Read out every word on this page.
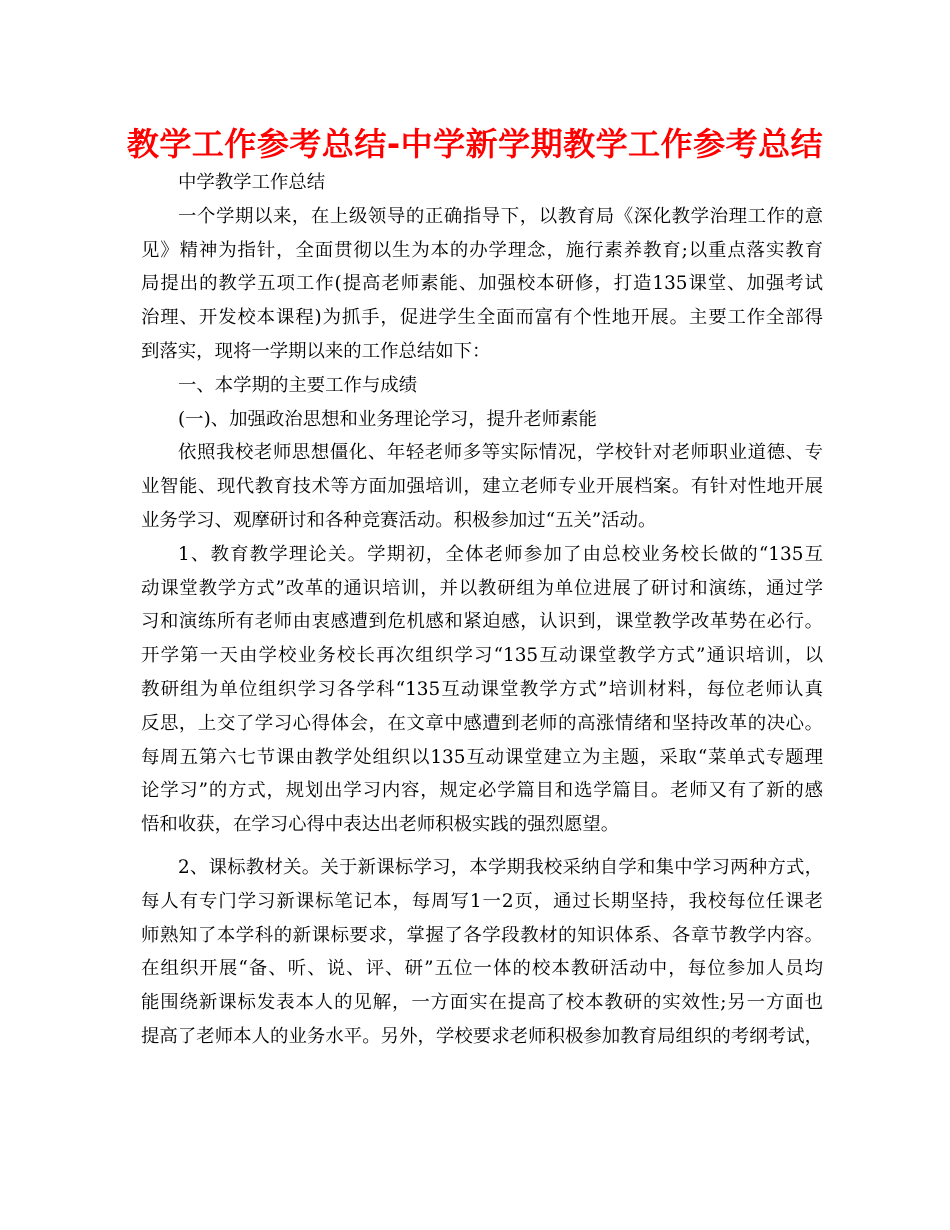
教学工作参考总结-中学新学期教学工作参考总结
中学教学工作总结
一个学期以来，在上级领导的正确指导下，以教育局《深化教学治理工作的意
见》精神为指针，全面贯彻以生为本的办学理念，施行素养教育;以重点落实教育
局提出的教学五项工作(提高老师素能、加强校本研修，打造135课堂、加强考试
治理、开发校本课程)为抓手，促进学生全面而富有个性地开展。主要工作全部得
到落实，现将一学期以来的工作总结如下：
一、本学期的主要工作与成绩
(一)、加强政治思想和业务理论学习，提升老师素能
依照我校老师思想僵化、年轻老师多等实际情况，学校针对老师职业道德、专
业智能、现代教育技术等方面加强培训，建立老师专业开展档案。有针对性地开展
业务学习、观摩研讨和各种竞赛活动。积极参加过“五关”活动。
1、教育教学理论关。学期初，全体老师参加了由总校业务校长做的“135互
动课堂教学方式”改革的通识培训，并以教研组为单位进展了研讨和演练，通过学
习和演练所有老师由衷感遭到危机感和紧迫感，认识到，课堂教学改革势在必行。
开学第一天由学校业务校长再次组织学习“135互动课堂教学方式”通识培训，以
教研组为单位组织学习各学科“135互动课堂教学方式”培训材料，每位老师认真
反思，上交了学习心得体会，在文章中感遭到老师的高涨情绪和坚持改革的决心。
每周五第六七节课由教学处组织以135互动课堂建立为主题，采取“菜单式专题理
论学习”的方式，规划出学习内容，规定必学篇目和选学篇目。老师又有了新的感
悟和收获，在学习心得中表达出老师积极实践的强烈愿望。
2、课标教材关。关于新课标学习，本学期我校采纳自学和集中学习两种方式，
每人有专门学习新课标笔记本，每周写1一2页，通过长期坚持，我校每位任课老
师熟知了本学科的新课标要求，掌握了各学段教材的知识体系、各章节教学内容。
在组织开展“备、听、说、评、研”五位一体的校本教研活动中，每位参加人员均
能围绕新课标发表本人的见解，一方面实在提高了校本教研的实效性;另一方面也
提高了老师本人的业务水平。另外，学校要求老师积极参加教育局组织的考纲考试，
